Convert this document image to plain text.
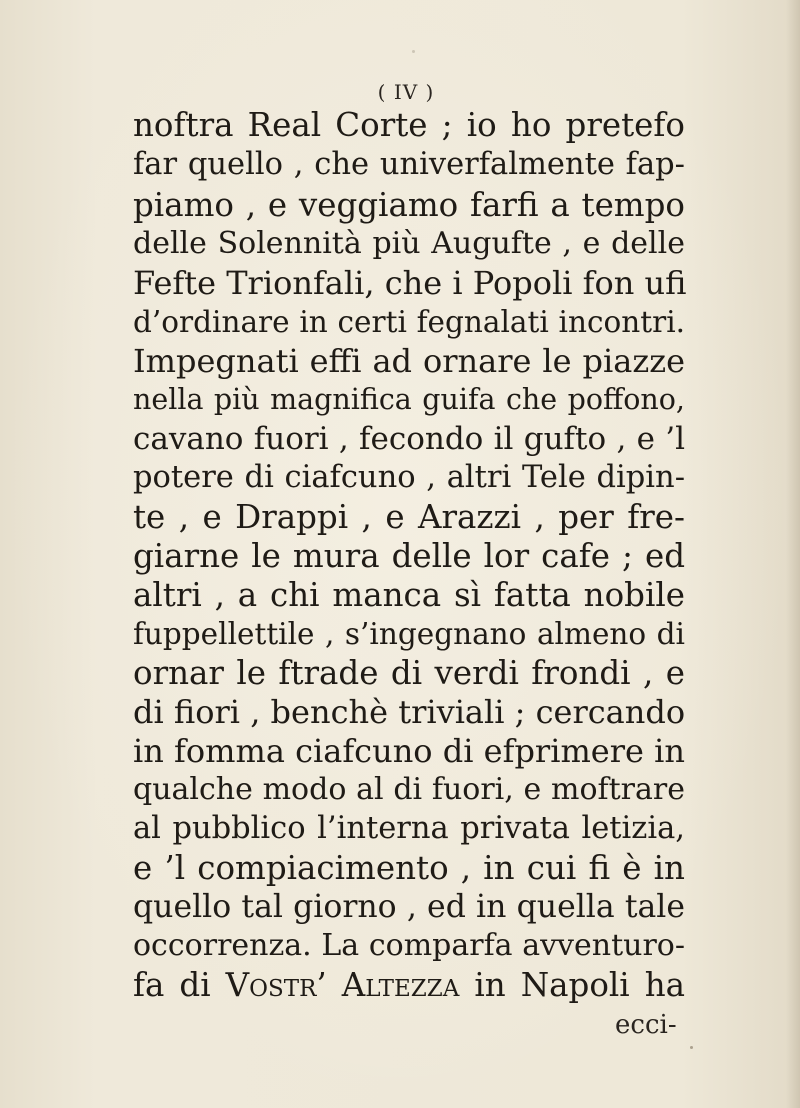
( IV )
noftra Real Corte ; io ho pretefo
far quello , che univerfalmente fap-
piamo , e veggiamo farfi a tempo
delle Solennità più Augufte , e delle
Fefte Trionfali, che i Popoli fon ufi
d’ordinare in certi fegnalati incontri.
Impegnati effi ad ornare le piazze
nella più magnifica guifa che poffono,
cavano fuori , fecondo il gufto , e ’l
potere di ciafcuno , altri Tele dipin-
te , e Drappi , e Arazzi , per fre-
giarne le mura delle lor cafe ; ed
altri , a chi manca sì fatta nobile
fuppellettile , s’ingegnano almeno di
ornar le ftrade di verdi frondi , e
di fiori , benchè triviali ; cercando
in fomma ciafcuno di efprimere in
qualche modo al di fuori, e moftrare
al pubblico l’interna privata letizia,
e ’l compiacimento , in cui fi è in
quello tal giorno , ed in quella tale
occorrenza. La comparfa avventuro-
fa di Vostr’ Altezza in Napoli ha
ecci-
